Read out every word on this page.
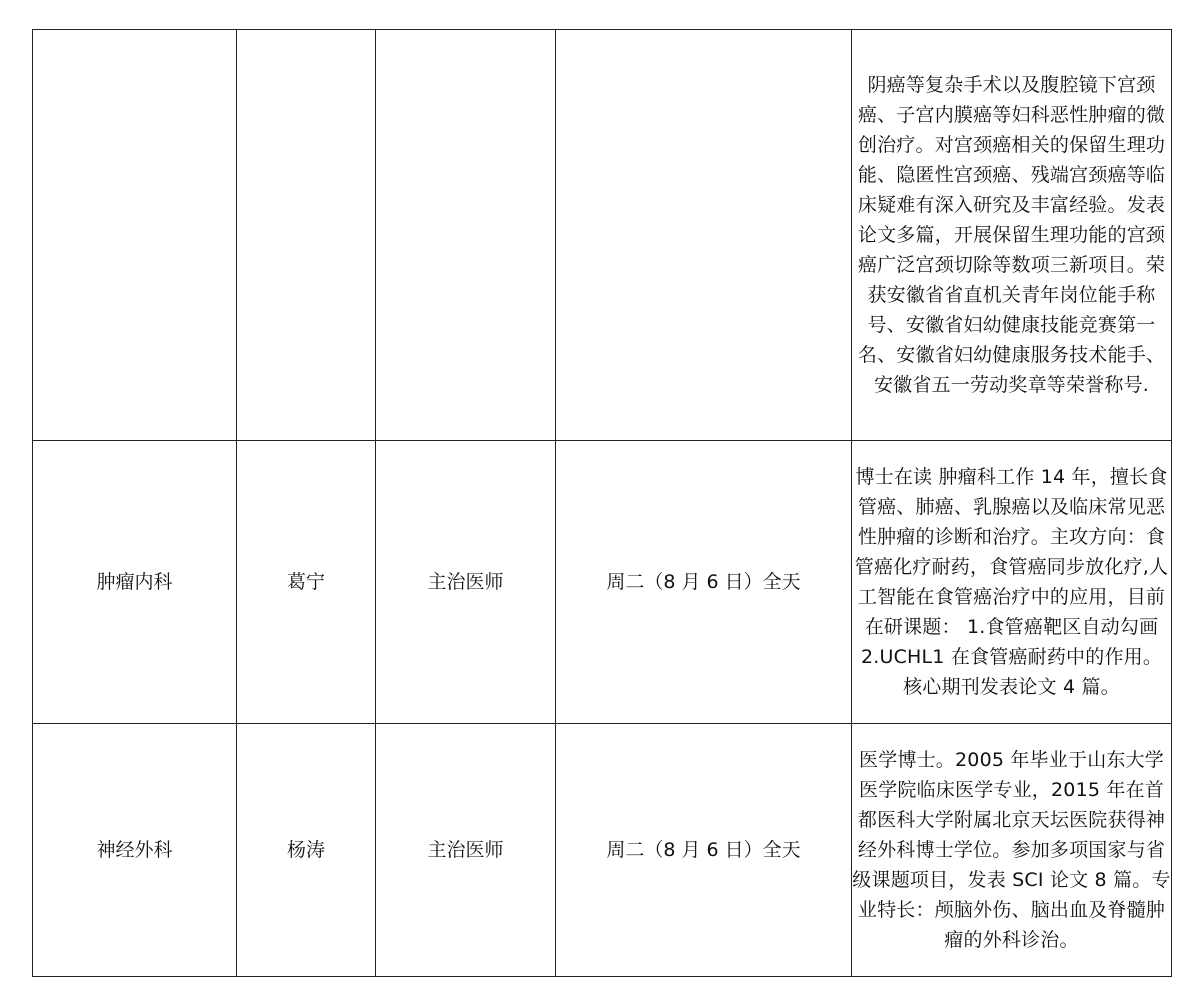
				阴癌等复杂手术以及腹腔镜下宫颈癌、子宫内膜癌等妇科恶性肿瘤的微创治疗。对宫颈癌相关的保留生理功能、隐匿性宫颈癌、残端宫颈癌等临床疑难有深入研究及丰富经验。发表论文多篇，开展保留生理功能的宫颈癌广泛宫颈切除等数项三新项目。荣获安徽省省直机关青年岗位能手称号、安徽省妇幼健康技能竞赛第一名、安徽省妇幼健康服务技术能手、安徽省五一劳动奖章等荣誉称号.
肿瘤内科	葛宁	主治医师	周二（8 月 6 日）全天	博士在读 肿瘤科工作 14 年，擅长食管癌、肺癌、乳腺癌以及临床常见恶性肿瘤的诊断和治疗。主攻方向：食管癌化疗耐药，食管癌同步放化疗,人工智能在食管癌治疗中的应用，目前在研课题： 1.食管癌靶区自动勾画 2.UCHL1 在食管癌耐药中的作用。核心期刊发表论文 4 篇。
神经外科	杨涛	主治医师	周二（8 月 6 日）全天	医学博士。2005 年毕业于山东大学医学院临床医学专业，2015 年在首都医科大学附属北京天坛医院获得神经外科博士学位。参加多项国家与省级课题项目，发表 SCI 论文 8 篇。专业特长：颅脑外伤、脑出血及脊髓肿瘤的外科诊治。
